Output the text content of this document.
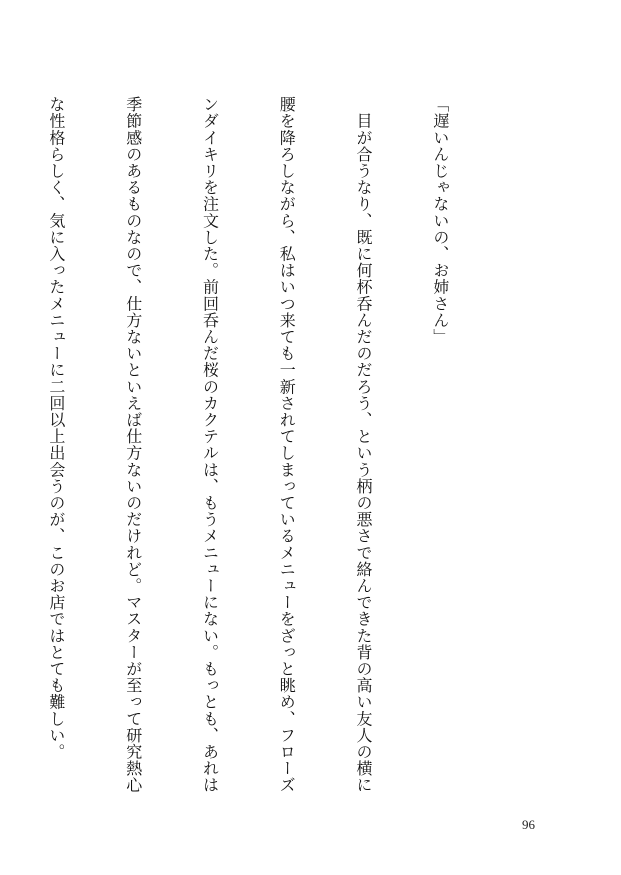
「遅いんじゃないの、お姉さん」

　目が合うなり、既に何杯呑んだのだろう、という柄の悪さで絡んできた背の高い友人の横に

腰を降ろしながら、私はいつ来ても一新されてしまっているメニューをざっと眺め、フローズ

ンダイキリを注文した。前回呑んだ桜のカクテルは、もうメニューにない。もっとも、あれは

季節感のあるものなので、仕方ないといえば仕方ないのだけれど。マスターが至って研究熱心

な性格らしく、気に入ったメニューに二回以上出会うのが、このお店ではとても難しい。

96
